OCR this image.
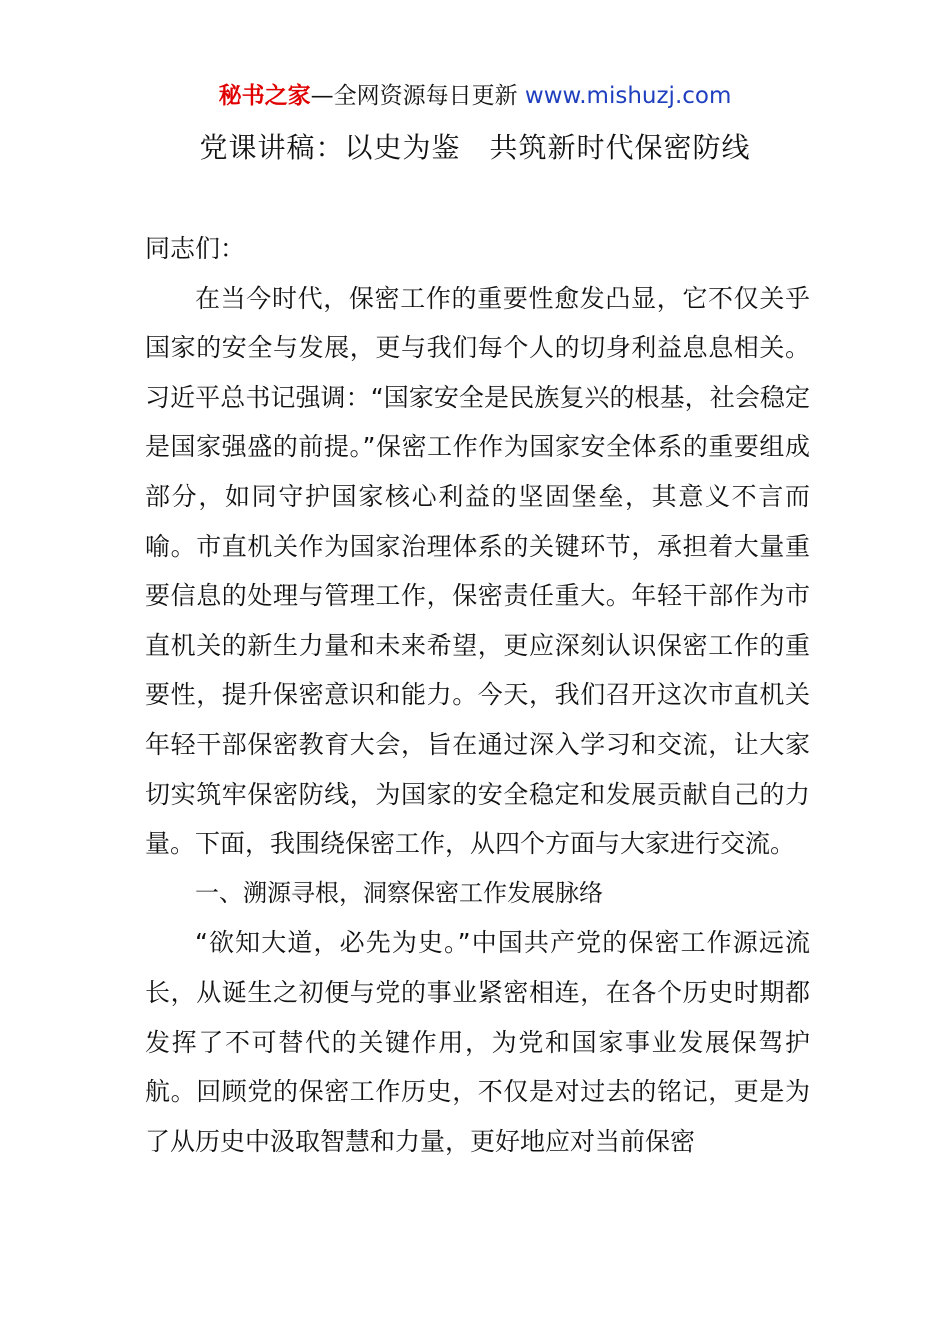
秘书之家—全网资源每日更新 www.mishuzj.com
党课讲稿：以史为鉴　共筑新时代保密防线

同志们：

在当今时代，保密工作的重要性愈发凸显，它不仅关乎国家的安全与发展，更与我们每个人的切身利益息息相关。习近平总书记强调：“国家安全是民族复兴的根基，社会稳定是国家强盛的前提。”保密工作作为国家安全体系的重要组成部分，如同守护国家核心利益的坚固堡垒，其意义不言而喻。市直机关作为国家治理体系的关键环节，承担着大量重要信息的处理与管理工作，保密责任重大。年轻干部作为市直机关的新生力量和未来希望，更应深刻认识保密工作的重要性，提升保密意识和能力。今天，我们召开这次市直机关年轻干部保密教育大会，旨在通过深入学习和交流，让大家切实筑牢保密防线，为国家的安全稳定和发展贡献自己的力量。下面，我围绕保密工作，从四个方面与大家进行交流。

一、溯源寻根，洞察保密工作发展脉络

“欲知大道，必先为史。”中国共产党的保密工作源远流长，从诞生之初便与党的事业紧密相连，在各个历史时期都发挥了不可替代的关键作用，为党和国家事业发展保驾护航。回顾党的保密工作历史，不仅是对过去的铭记，更是为了从历史中汲取智慧和力量，更好地应对当前保密
